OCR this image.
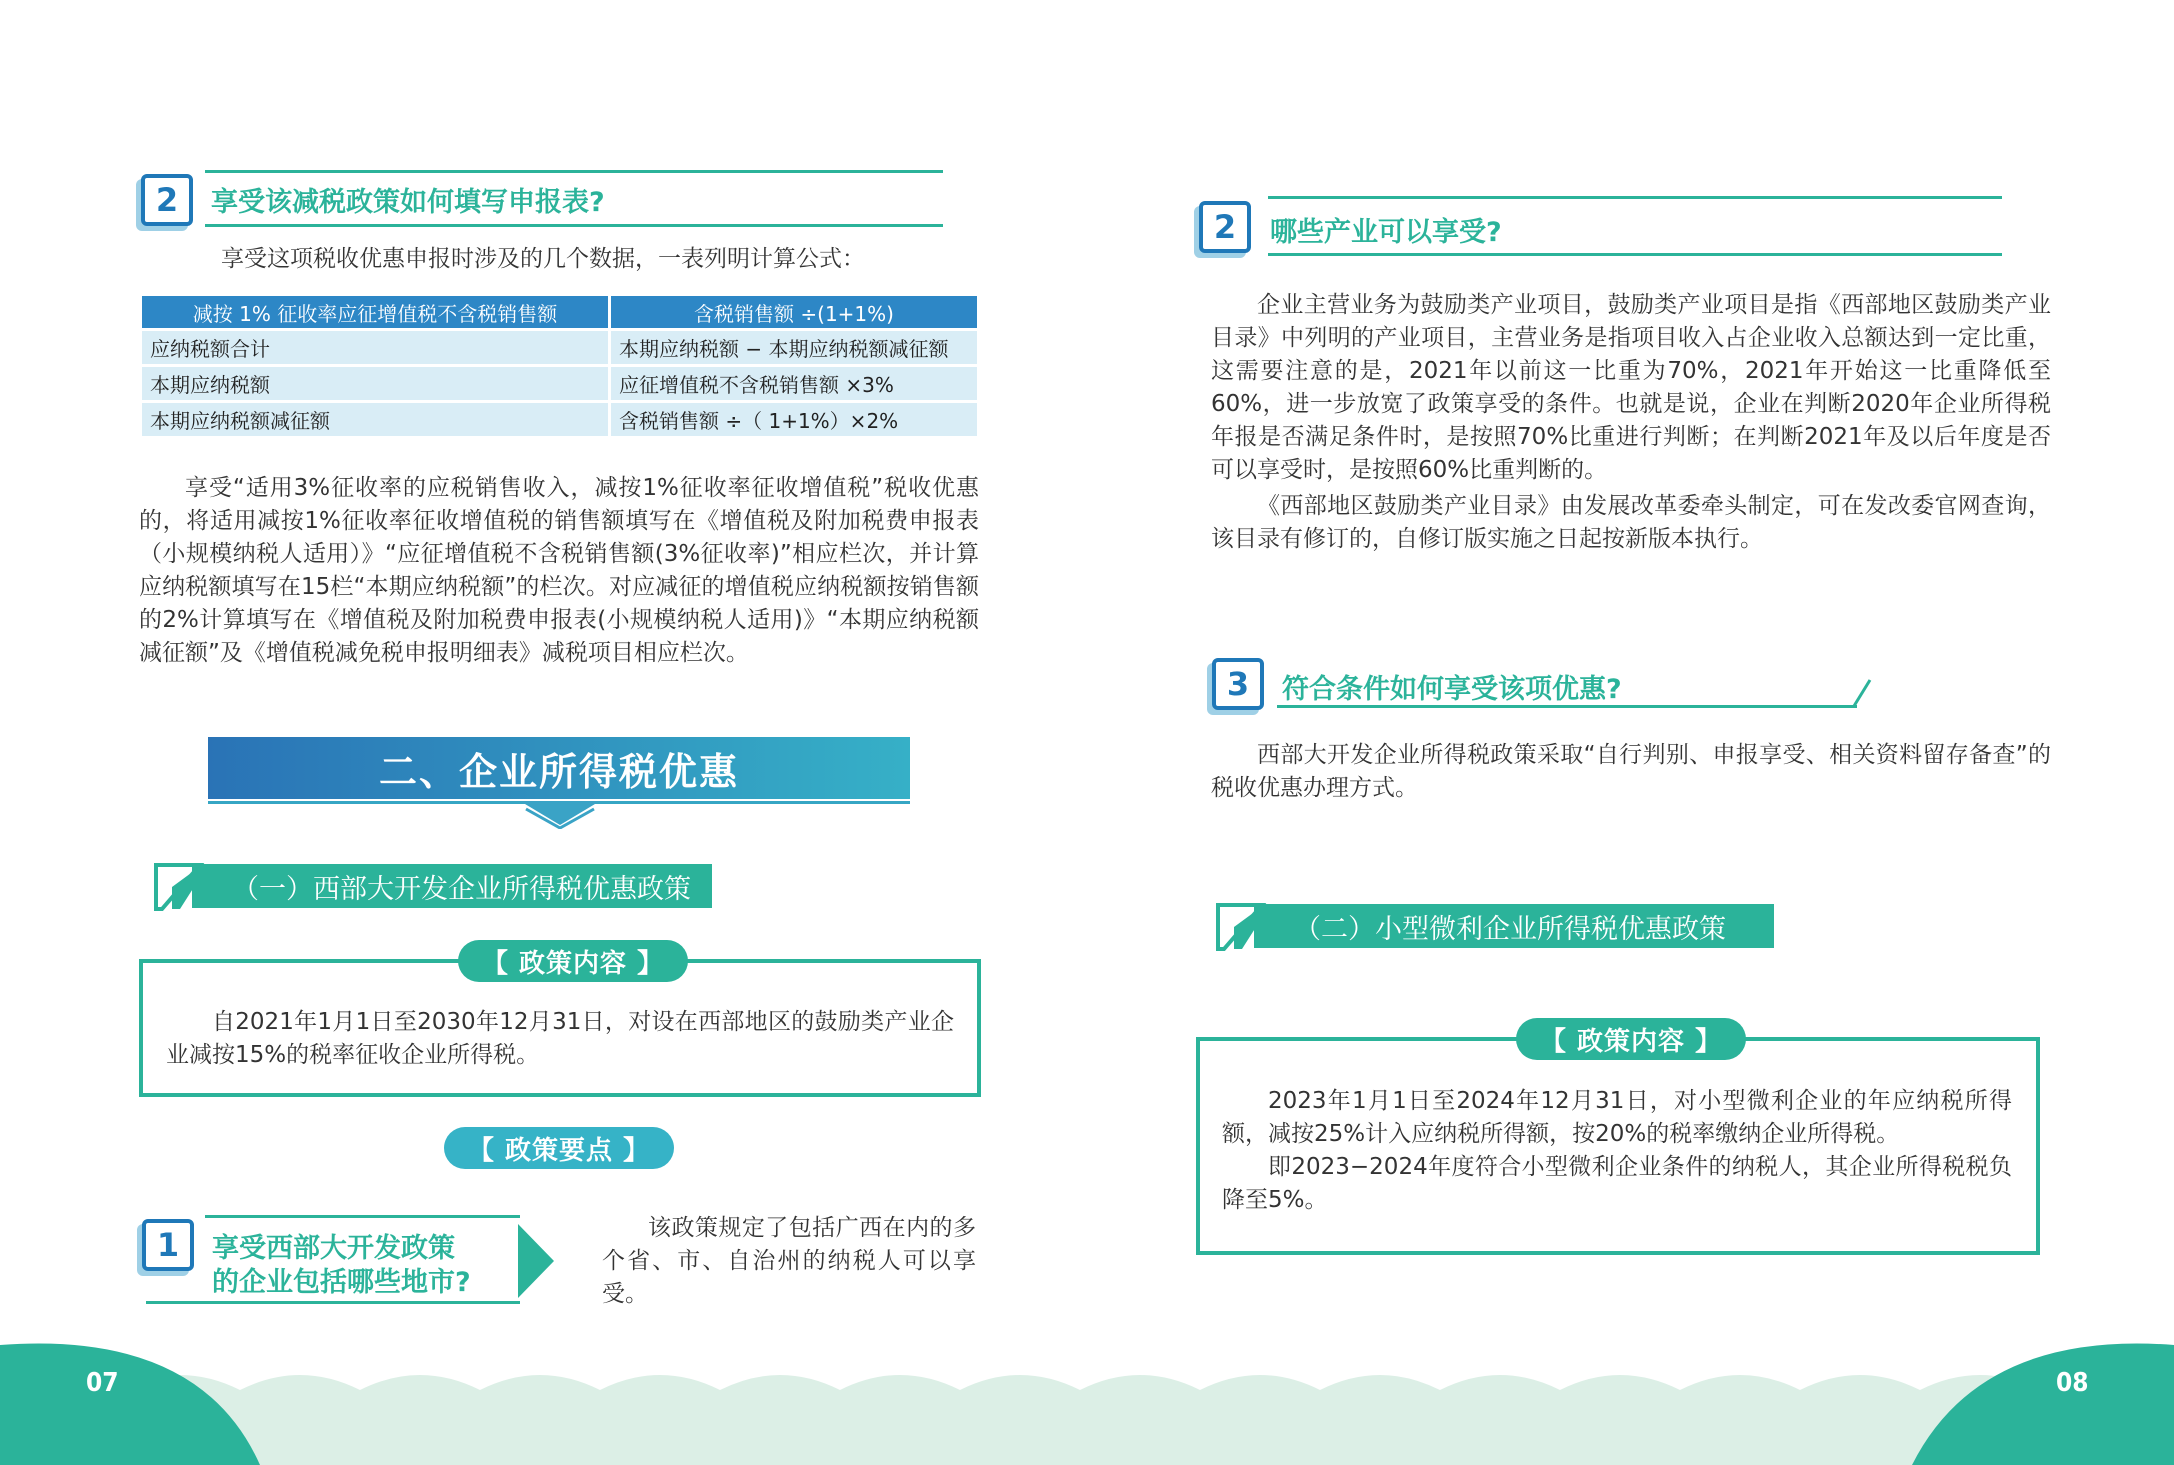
2	享受该减税政策如何填写申报表?
享受这项税收优惠申报时涉及的几个数据，一表列明计算公式：
减按 1% 征收率应征增值税不含税销售额	含税销售额 ÷(1+1%)
应纳税额合计	本期应纳税额 − 本期应纳税额减征额
本期应纳税额	应征增值税不含税销售额 ×3%
本期应纳税额减征额	含税销售额 ÷（ 1+1%）×2%
享受“适用3%征收率的应税销售收入，减按1%征收率征收增值税”税收优惠的，将适用减按1%征收率征收增值税的销售额填写在《增值税及附加税费申报表（小规模纳税人适用）》“应征增值税不含税销售额(3%征收率)”相应栏次，并计算应纳税额填写在15栏“本期应纳税额”的栏次。对应减征的增值税应纳税额按销售额的2%计算填写在《增值税及附加税费申报表(小规模纳税人适用)》“本期应纳税额减征额”及《增值税减免税申报明细表》减税项目相应栏次。
二、企业所得税优惠
（一）西部大开发企业所得税优惠政策
【 政策内容 】
自2021年1月1日至2030年12月31日，对设在西部地区的鼓励类产业企业减按15%的税率征收企业所得税。
【 政策要点 】
1	享受西部大开发政策
的企业包括哪些地市?
该政策规定了包括广西在内的多个省、市、自治州的纳税人可以享受。
2	哪些产业可以享受?
企业主营业务为鼓励类产业项目，鼓励类产业项目是指《西部地区鼓励类产业目录》中列明的产业项目，主营业务是指项目收入占企业收入总额达到一定比重，这需要注意的是，2021年以前这一比重为70%，2021年开始这一比重降低至60%，进一步放宽了政策享受的条件。也就是说，企业在判断2020年企业所得税年报是否满足条件时，是按照70%比重进行判断；在判断2021年及以后年度是否可以享受时，是按照60%比重判断的。
《西部地区鼓励类产业目录》由发展改革委牵头制定，可在发改委官网查询，该目录有修订的，自修订版实施之日起按新版本执行。
3	符合条件如何享受该项优惠?
西部大开发企业所得税政策采取“自行判别、申报享受、相关资料留存备查”的税收优惠办理方式。
（二）小型微利企业所得税优惠政策
【 政策内容 】
2023年1月1日至2024年12月31日，对小型微利企业的年应纳税所得额，减按25%计入应纳税所得额，按20%的税率缴纳企业所得税。
即2023−2024年度符合小型微利企业条件的纳税人，其企业所得税税负降至5%。
07	08
